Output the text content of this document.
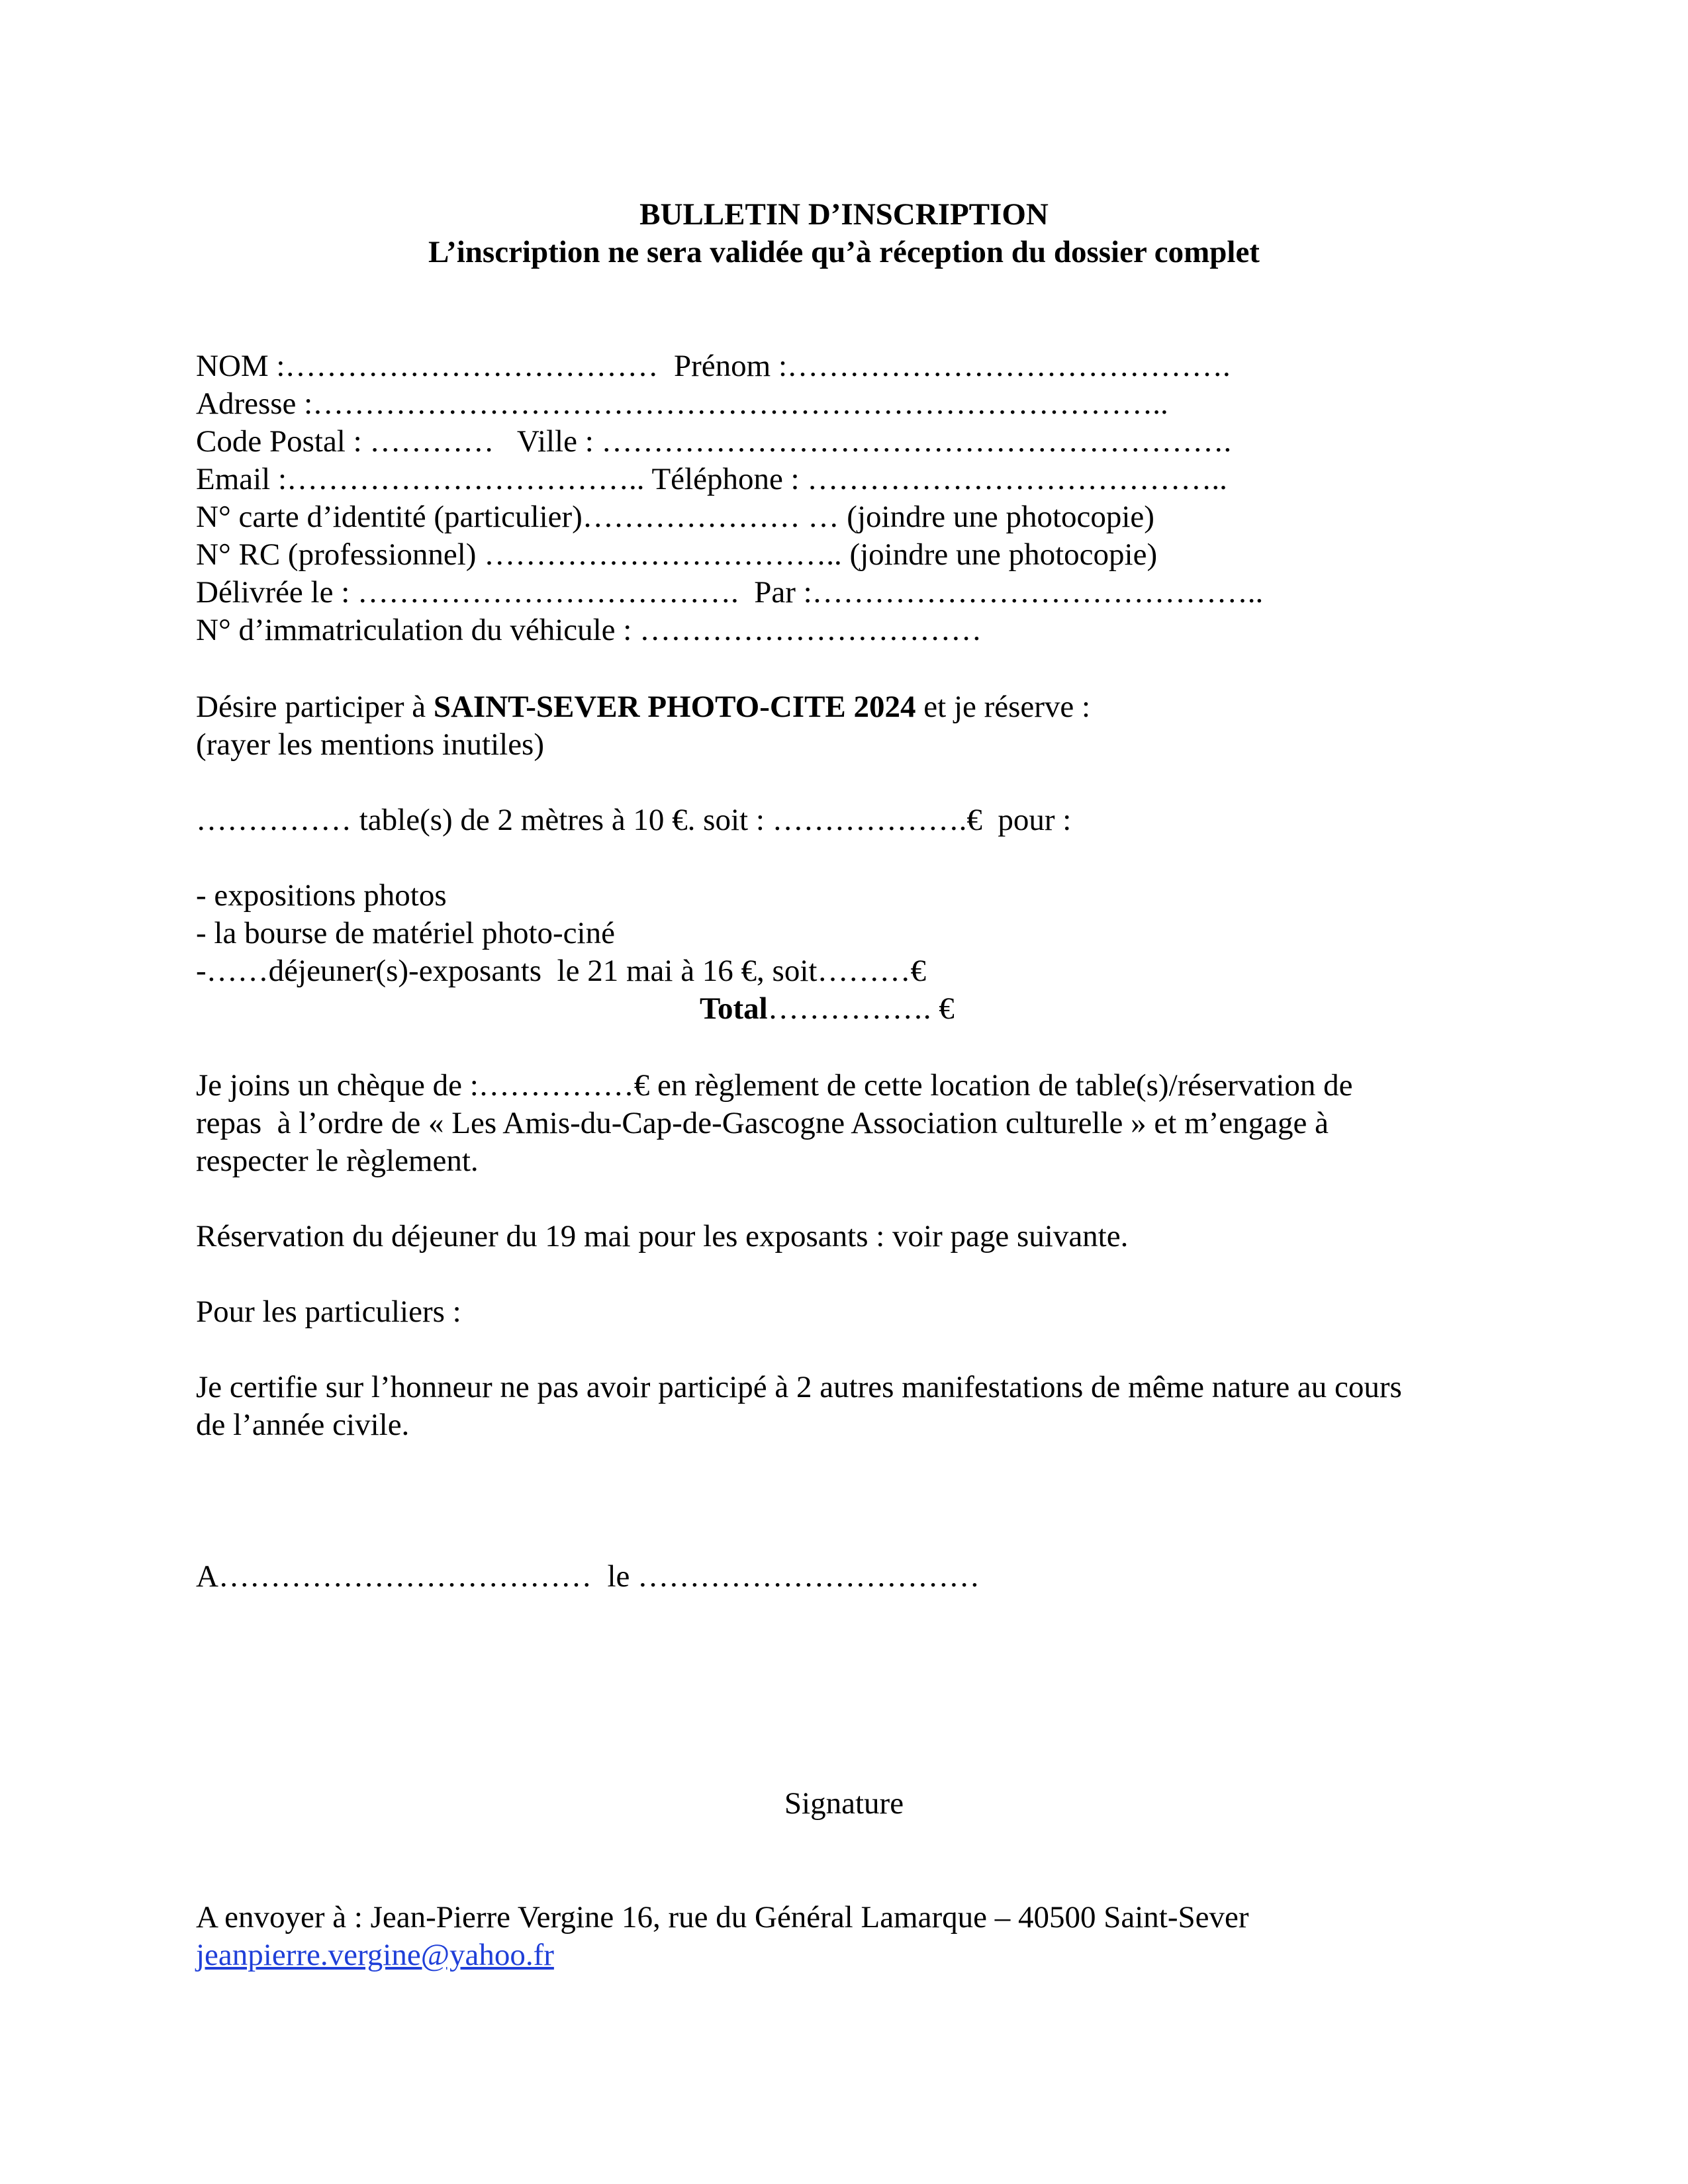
BULLETIN D’INSCRIPTION
L’inscription ne sera validée qu’à réception du dossier complet
NOM :………………………………  Prénom :…………………………………….
Adresse :………………………………………………………………………..
Code Postal : …………   Ville : …………………………………………………….
Email :…………………………….. Téléphone : …………………………………..
N° carte d’identité (particulier)………………… … (joindre une photocopie)
N° RC (professionnel) …………………………….. (joindre une photocopie)
Délivrée le : ……………………………….  Par :……………………………………..
N° d’immatriculation du véhicule : ……………………………
Désire participer à SAINT-SEVER PHOTO-CITE 2024 et je réserve :
(rayer les mentions inutiles)
…………… table(s) de 2 mètres à 10 €. soit : ……………….€  pour :
- expositions photos
- la bourse de matériel photo-ciné
-……déjeuner(s)-exposants  le 21 mai à 16 €, soit………€
Total……………. €
Je joins un chèque de :……………€ en règlement de cette location de table(s)/réservation de
repas  à l’ordre de « Les Amis-du-Cap-de-Gascogne Association culturelle » et m’engage à
respecter le règlement.
Réservation du déjeuner du 19 mai pour les exposants : voir page suivante.
Pour les particuliers :
Je certifie sur l’honneur ne pas avoir participé à 2 autres manifestations de même nature au cours
de l’année civile.
A………………………………  le ……………………………
Signature
A envoyer à : Jean-Pierre Vergine 16, rue du Général Lamarque – 40500 Saint-Sever
jeanpierre.vergine@yahoo.fr
